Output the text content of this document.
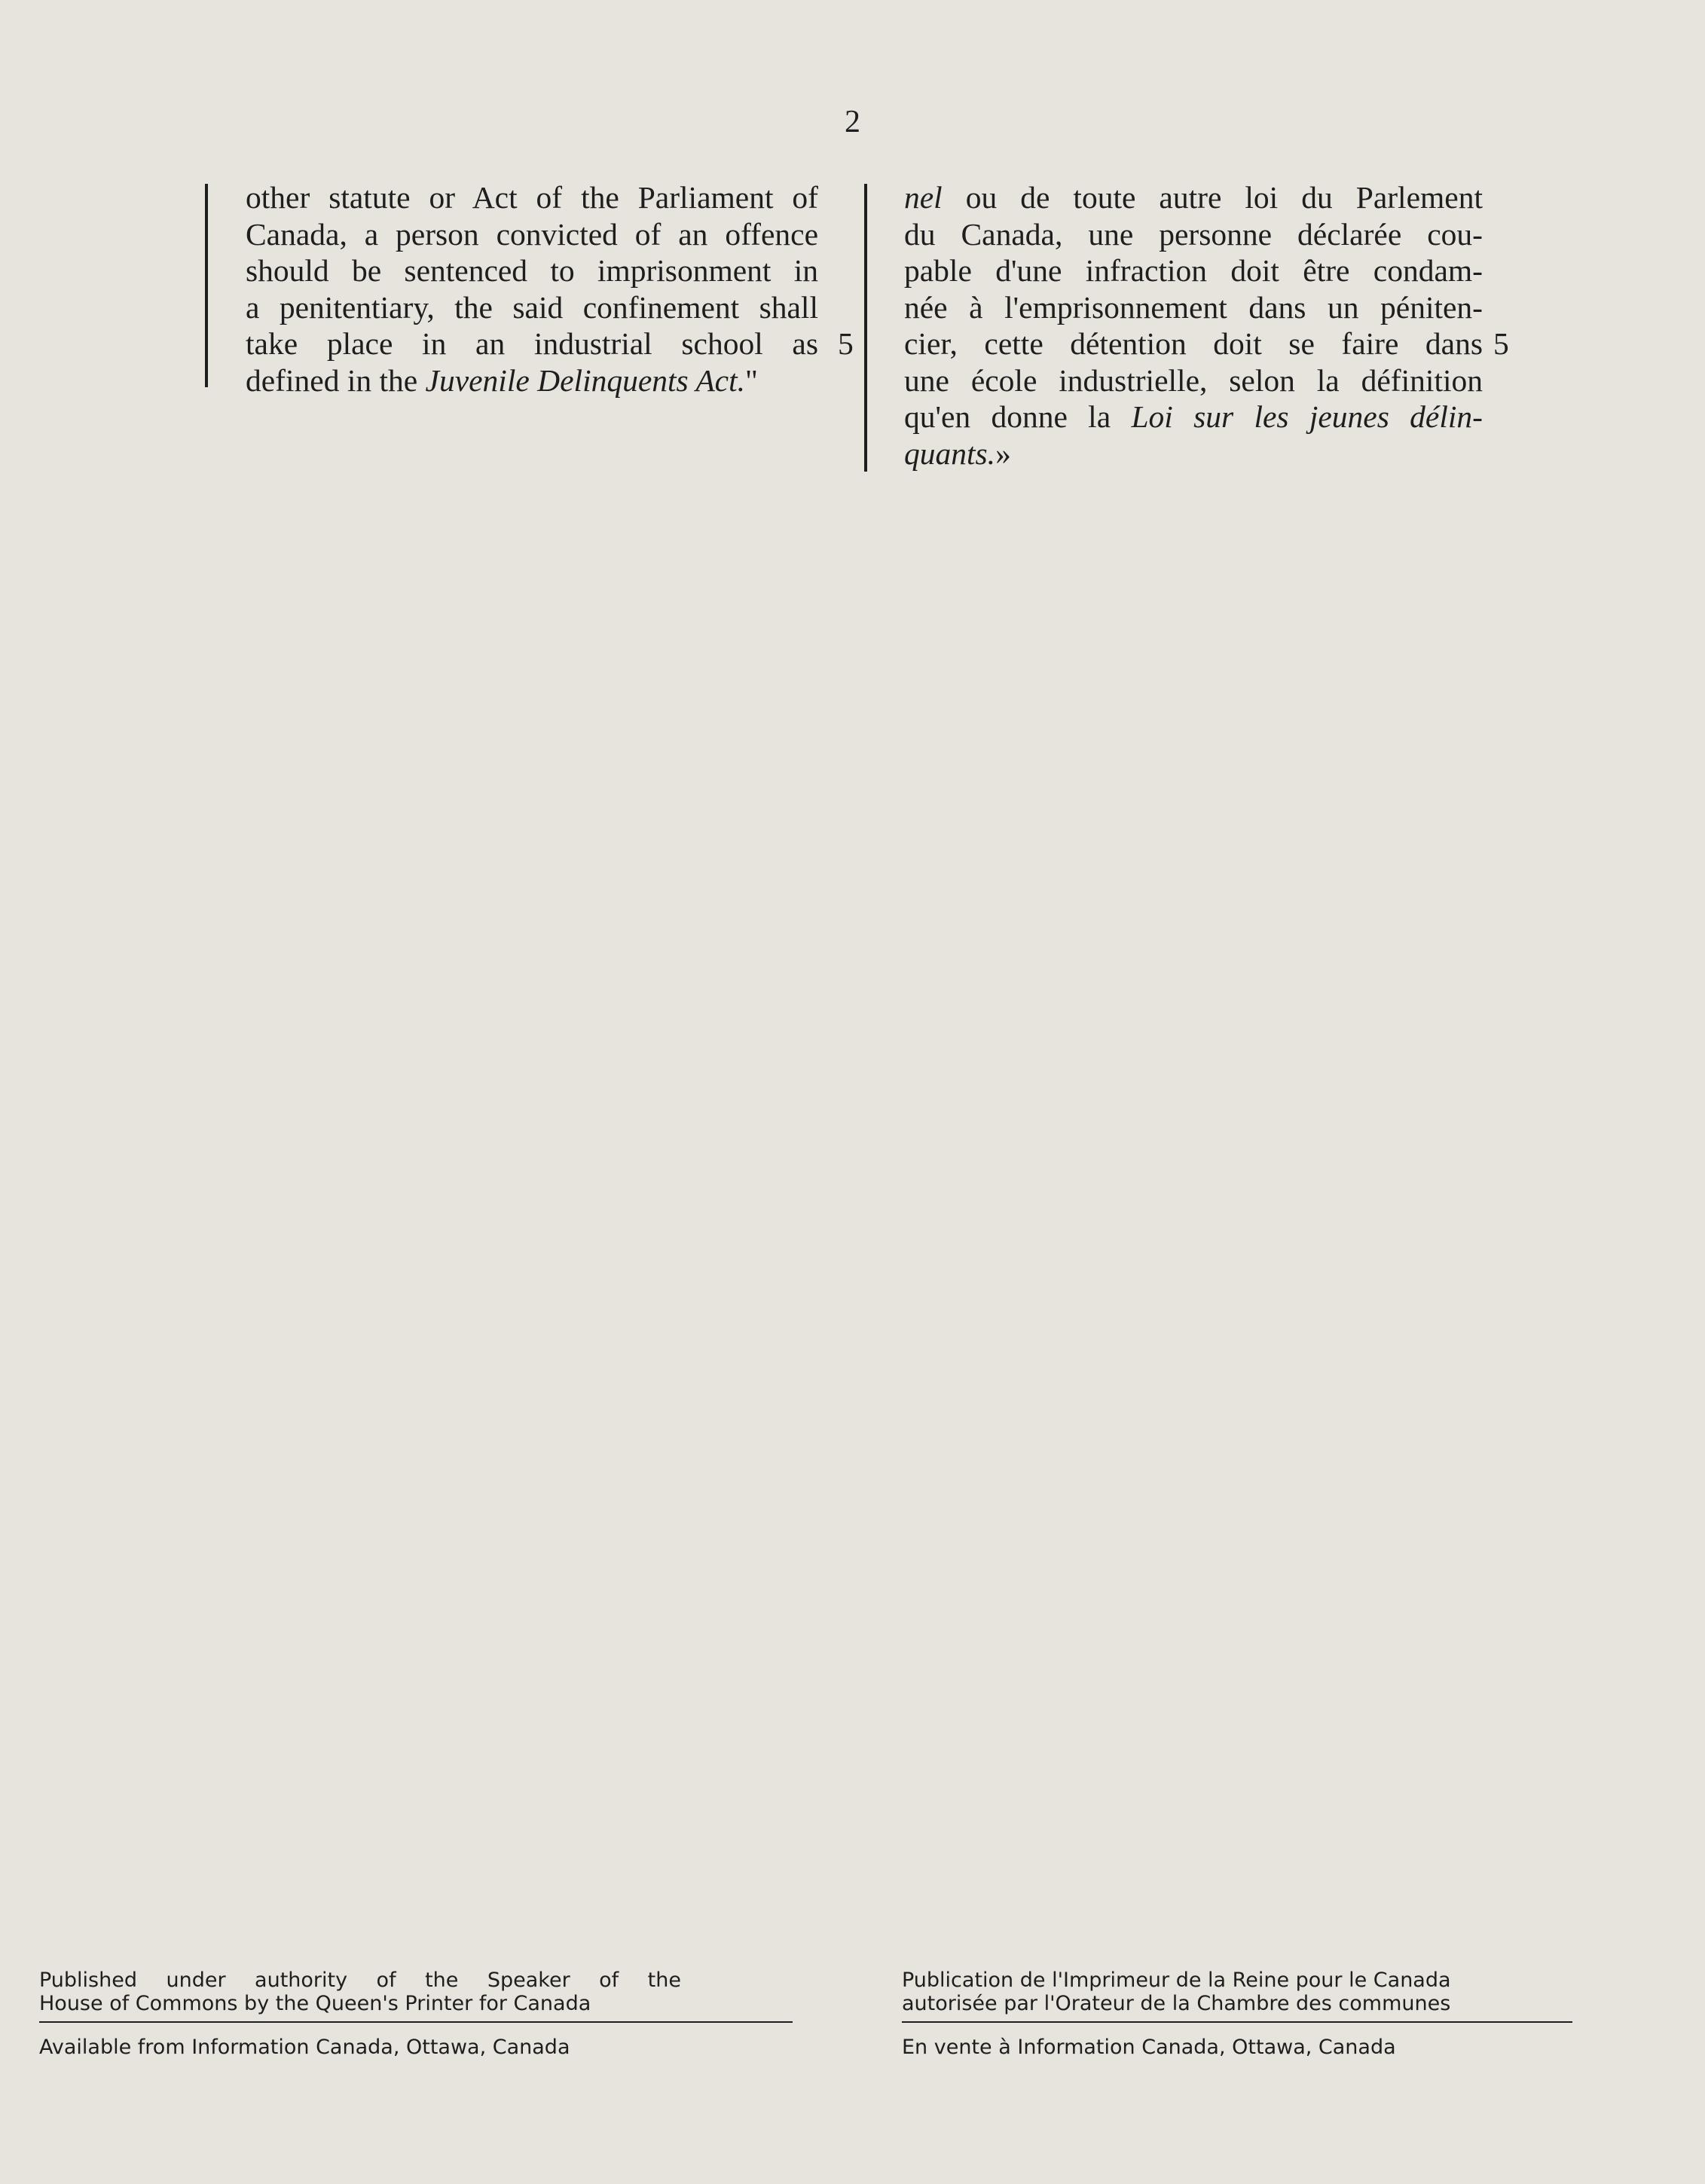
2
other statute or Act of the Parliament of
Canada, a person convicted of an offence
should be sentenced to imprisonment in
a penitentiary, the said confinement shall
take place in an industrial school as
defined in the Juvenile Delinquents Act."
5
nel ou de toute autre loi du Parlement
du Canada, une personne déclarée cou-
pable d'une infraction doit être condam-
née à l'emprisonnement dans un péniten-
cier, cette détention doit se faire dans
une école industrielle, selon la définition
qu'en donne la Loi sur les jeunes délin-
quants.»
5
Published under authority of the Speaker of the
House of Commons by the Queen's Printer for Canada
Available from Information Canada, Ottawa, Canada
Publication de l'Imprimeur de la Reine pour le Canada
autorisée par l'Orateur de la Chambre des communes
En vente à Information Canada, Ottawa, Canada
